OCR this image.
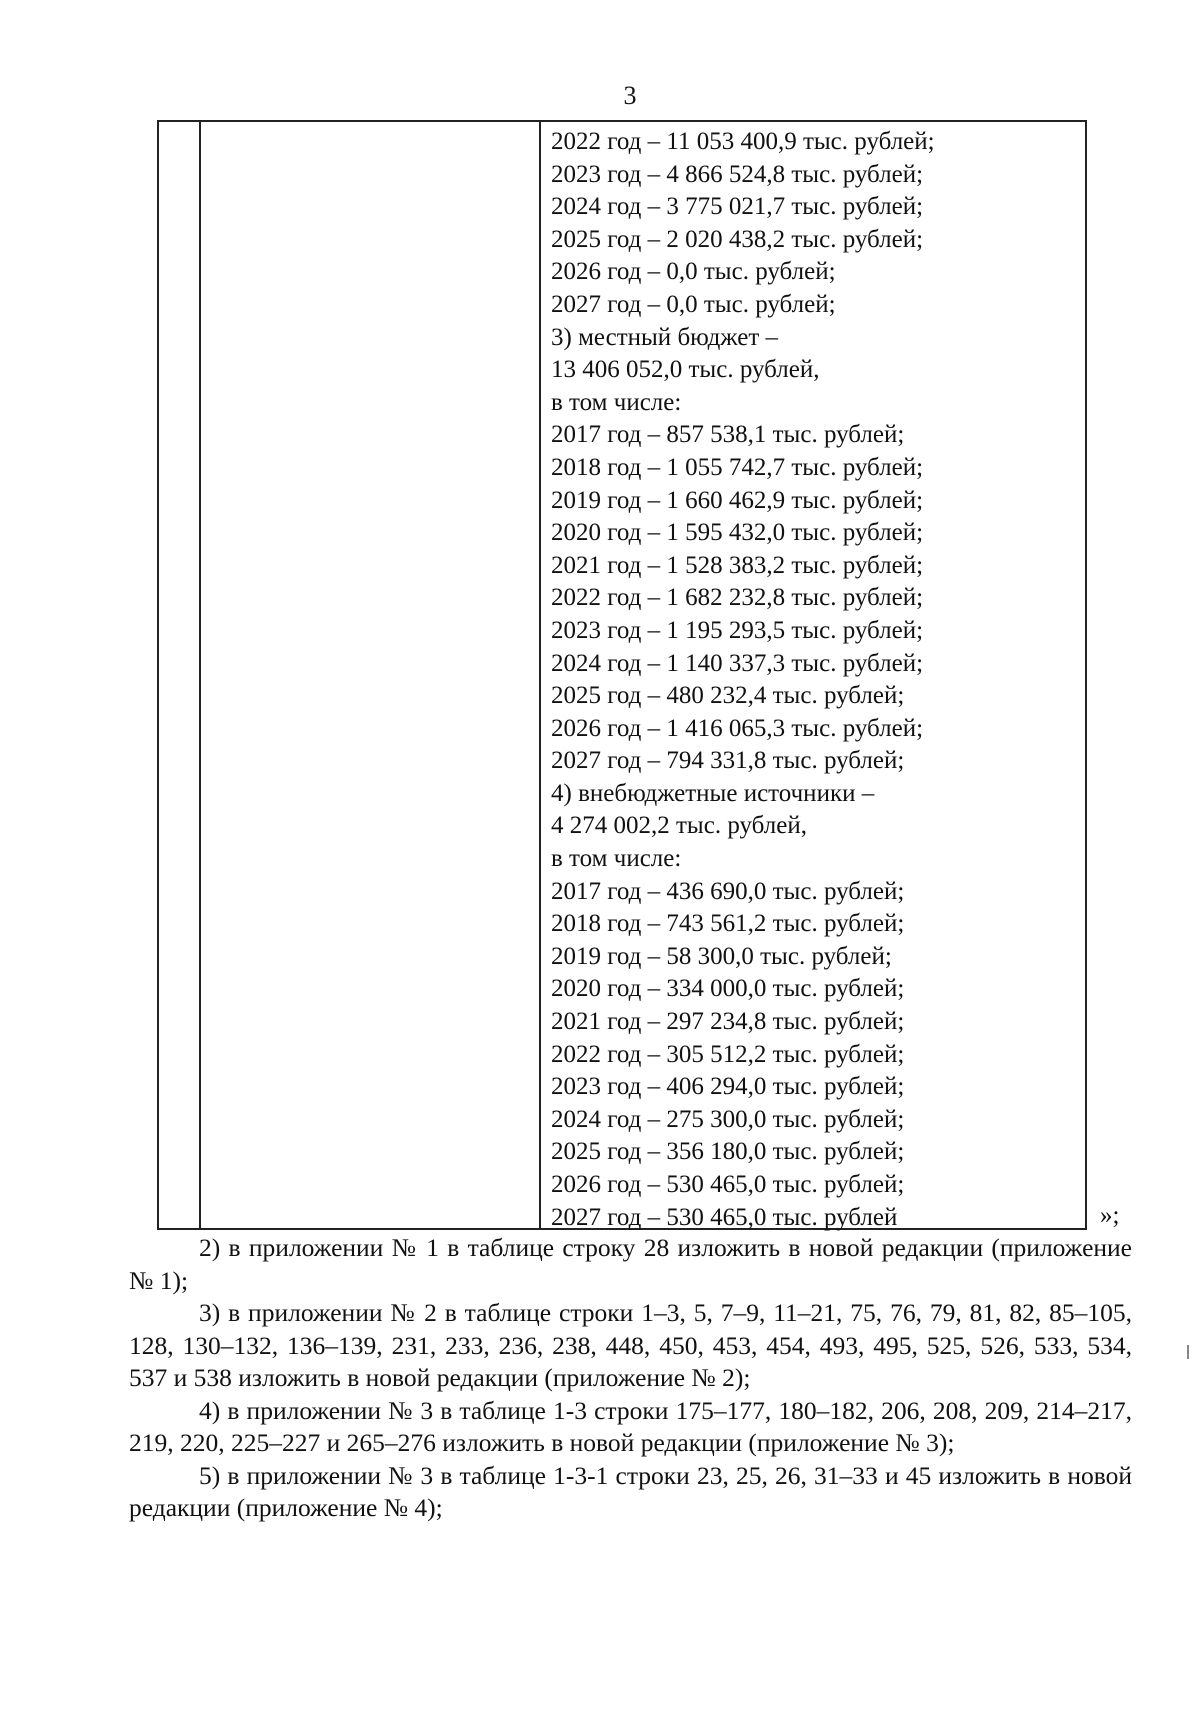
3
2022 год – 11 053 400,9 тыс. рублей;
2023 год – 4 866 524,8 тыс. рублей;
2024 год – 3 775 021,7 тыс. рублей;
2025 год – 2 020 438,2 тыс. рублей;
2026 год – 0,0 тыс. рублей;
2027 год – 0,0 тыс. рублей;
3) местный бюджет –
13 406 052,0 тыс. рублей,
в том числе:
2017 год – 857 538,1 тыс. рублей;
2018 год – 1 055 742,7 тыс. рублей;
2019 год – 1 660 462,9 тыс. рублей;
2020 год – 1 595 432,0 тыс. рублей;
2021 год – 1 528 383,2 тыс. рублей;
2022 год – 1 682 232,8 тыс. рублей;
2023 год – 1 195 293,5 тыс. рублей;
2024 год – 1 140 337,3 тыс. рублей;
2025 год – 480 232,4 тыс. рублей;
2026 год – 1 416 065,3 тыс. рублей;
2027 год – 794 331,8 тыс. рублей;
4) внебюджетные источники –
4 274 002,2 тыс. рублей,
в том числе:
2017 год – 436 690,0 тыс. рублей;
2018 год – 743 561,2 тыс. рублей;
2019 год – 58 300,0 тыс. рублей;
2020 год – 334 000,0 тыс. рублей;
2021 год – 297 234,8 тыс. рублей;
2022 год – 305 512,2 тыс. рублей;
2023 год – 406 294,0 тыс. рублей;
2024 год – 275 300,0 тыс. рублей;
2025 год – 356 180,0 тыс. рублей;
2026 год – 530 465,0 тыс. рублей;
2027 год – 530 465,0 тыс. рублей	»;

2) в приложении № 1 в таблице строку 28 изложить в новой редакции (приложение № 1);

3) в приложении № 2 в таблице строки 1–3, 5, 7–9, 11–21, 75, 76, 79, 81, 82, 85–105, 128, 130–132, 136–139, 231, 233, 236, 238, 448, 450, 453, 454, 493, 495, 525, 526, 533, 534, 537 и 538 изложить в новой редакции (приложение № 2);

4) в приложении № 3 в таблице 1-3 строки 175–177, 180–182, 206, 208, 209, 214–217, 219, 220, 225–227 и 265–276 изложить в новой редакции (приложение № 3);

5) в приложении № 3 в таблице 1-3-1 строки 23, 25, 26, 31–33 и 45 изложить в новой редакции (приложение № 4);
